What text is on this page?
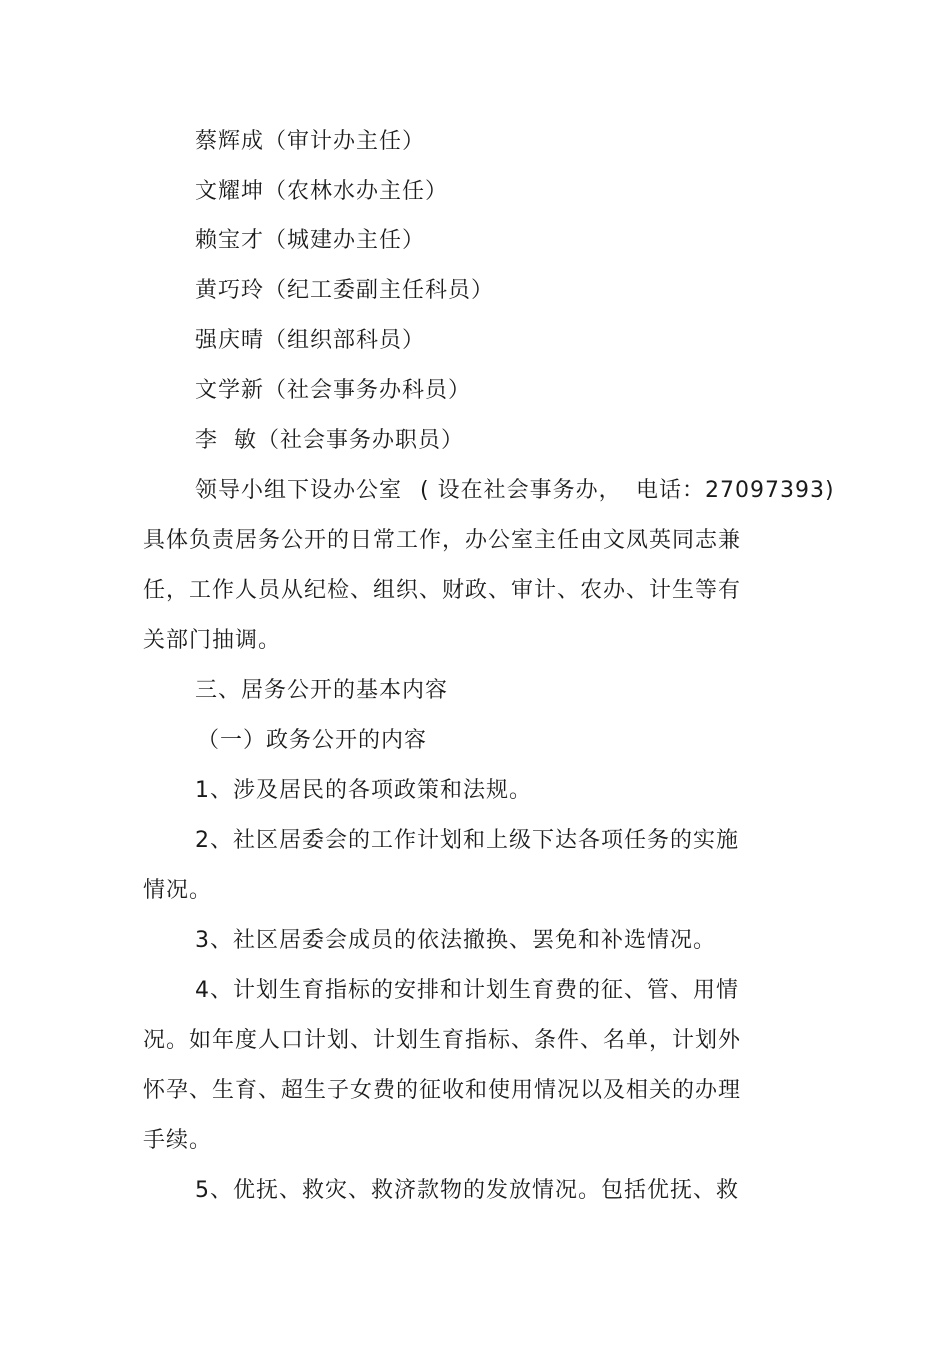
蔡辉成（审计办主任）
文耀坤（农林水办主任）
赖宝才（城建办主任）
黄巧玲（纪工委副主任科员）
强庆晴（组织部科员）
文学新（社会事务办科员）
李  敏（社会事务办职员）
领导小组下设办公室 ( 设在社会事务办， 电话：27097393)
具体负责居务公开的日常工作，办公室主任由文凤英同志兼
任，工作人员从纪检、组织、财政、审计、农办、计生等有
关部门抽调。
三、居务公开的基本内容
（一）政务公开的内容
1、涉及居民的各项政策和法规。
2、社区居委会的工作计划和上级下达各项任务的实施
情况。
3、社区居委会成员的依法撤换、罢免和补选情况。
4、计划生育指标的安排和计划生育费的征、管、用情
况。如年度人口计划、计划生育指标、条件、名单，计划外
怀孕、生育、超生子女费的征收和使用情况以及相关的办理
手续。
5、优抚、救灾、救济款物的发放情况。包括优抚、救
